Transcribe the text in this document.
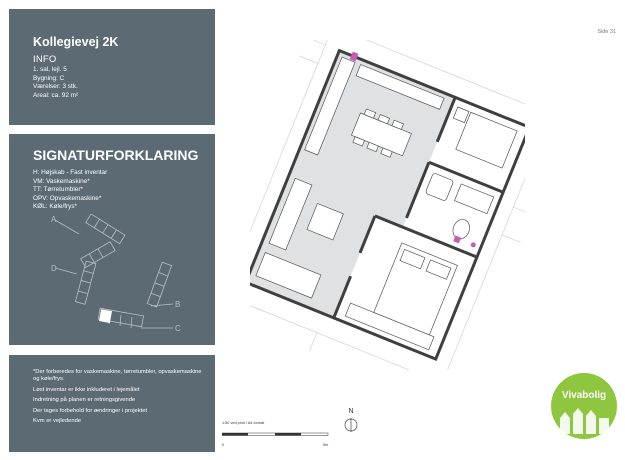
Kollegievej 2K
INFO
1. sal, lejl. 5
Bygning: C
Værelser: 3 stk.
Areal: ca. 92 m²
SIGNATURFORKLARING
H: Højskab - Fast inventar
VM: Vaskemaskine*
TT: Tørretumbler*
OPV: Opvaskemaskine*
KØL: Køle/frys*
A
B
C
D
*Der forberedes for vaskemaskine, tørretumbler, opvaskemaskine og køle/frys.
Løst inventar er ikke inkluderet i lejemålet
Indretning på planen er retningsgivende
Der tages forbehold for ændringer i projektet
Kvm er vejledende
Side 31
1:50 ved print i A4 format
0	5m
N
Vivabolig
